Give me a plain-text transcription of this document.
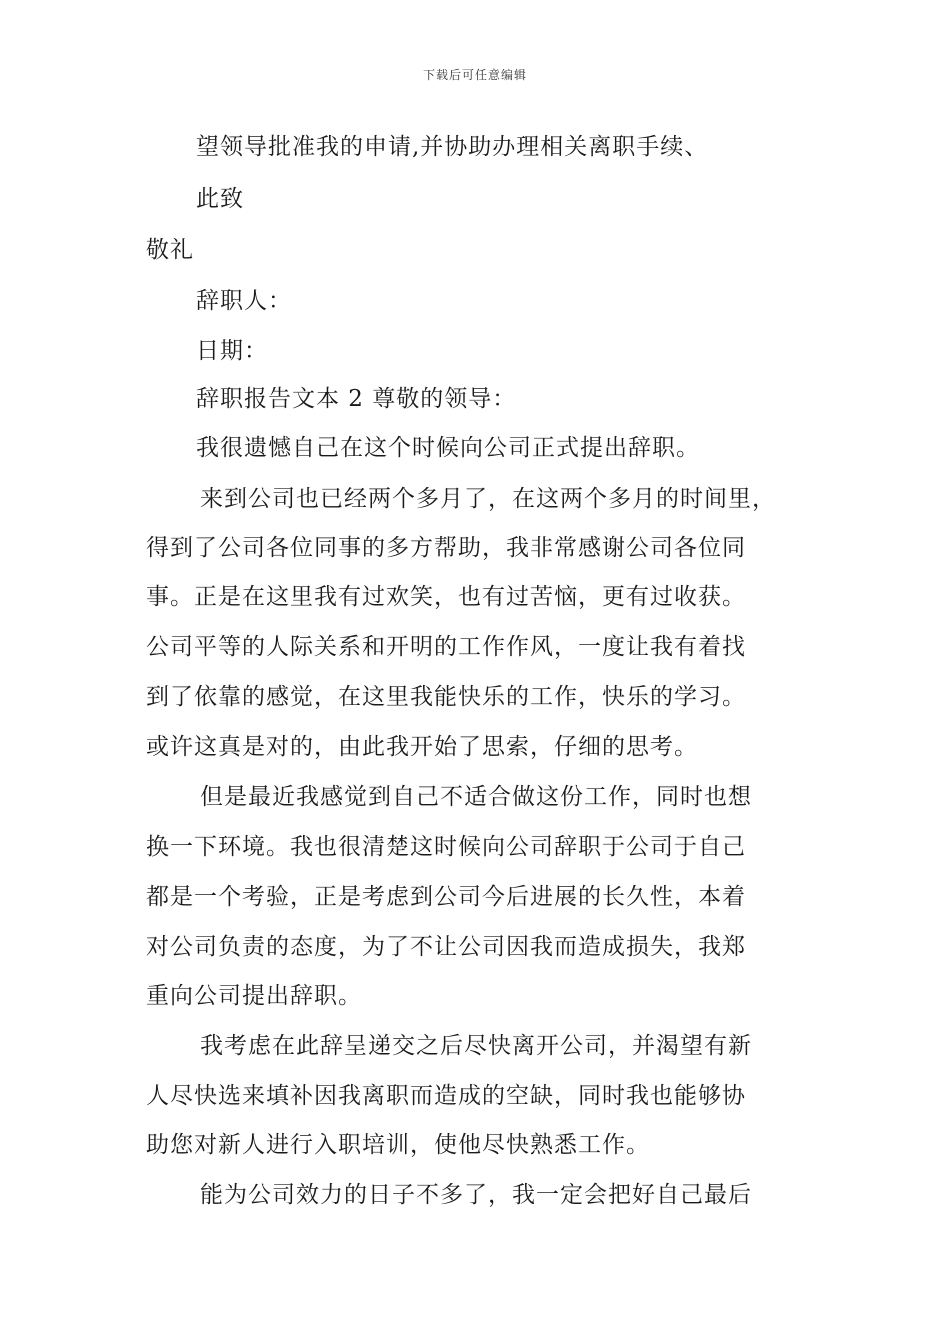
下载后可任意编辑
望领导批准我的申请,并协助办理相关离职手续、
此致
敬礼
辞职人：
日期：
辞职报告文本 2 尊敬的领导：
我很遗憾自己在这个时候向公司正式提出辞职。
来到公司也已经两个多月了，在这两个多月的时间里，
得到了公司各位同事的多方帮助，我非常感谢公司各位同
事。正是在这里我有过欢笑，也有过苦恼，更有过收获。
公司平等的人际关系和开明的工作作风，一度让我有着找
到了依靠的感觉，在这里我能快乐的工作，快乐的学习。
或许这真是对的，由此我开始了思索，仔细的思考。
但是最近我感觉到自己不适合做这份工作，同时也想
换一下环境。我也很清楚这时候向公司辞职于公司于自己
都是一个考验，正是考虑到公司今后进展的长久性，本着
对公司负责的态度，为了不让公司因我而造成损失，我郑
重向公司提出辞职。
我考虑在此辞呈递交之后尽快离开公司，并渴望有新
人尽快选来填补因我离职而造成的空缺，同时我也能够协
助您对新人进行入职培训，使他尽快熟悉工作。
能为公司效力的日子不多了，我一定会把好自己最后
